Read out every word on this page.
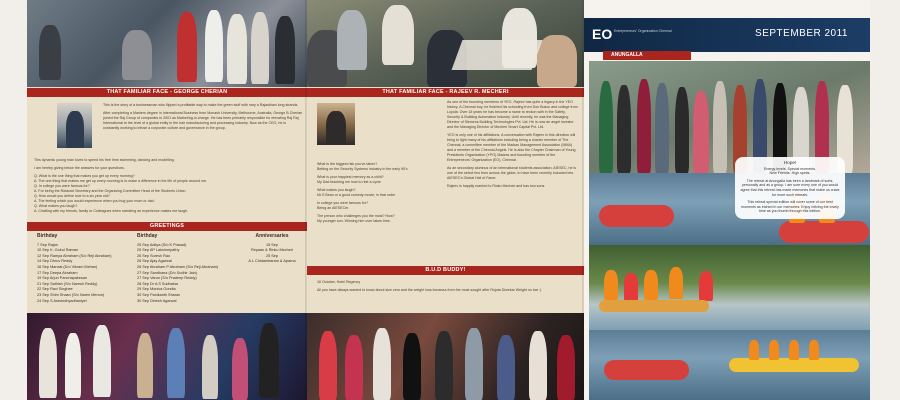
THAT FAMILIAR FACE - GEORGE CHERIAN

This is the story of a businessman who flipped a profitable way to make the green stuff with nary a Rajasthani long strands.

After completing a Masters degree in International Business from Monash University, Melbourne, Australia, George B.Cherian joined the Raj Group of companies in 2001 as Marketing-in-charge. He has been primarily responsible for elevating Raj Raj International to the level of a global entity in the hair manufacturing and processing industry. Now as the CEO, he is constantly working to infuse a corporate culture and governance in the group.

This dynamic young man loves to spend his free time swimming, dancing and modelling.

I am hereby giving below the answers for your questions.

Q. What is the one thing that makes you get up every morning?
A. The one thing that makes me get up every morning is to make a difference in the life of people around me.
Q. In college you were famous for?
A. For being the Rotaract Secretary and the Organising Committee Head of the Students Union.
Q. How would you define love to a six year old?
A. The feeling which you would experience when you hug your mom or dad.
Q. What makes you laugh?
A. Chatting with my friends, family or Colleagues when narrating an experience makes me laugh.
GREETINGS
Birthday
7 Sep Rajan
10 Sep K. Gokul Raman
12 Sep Ramya Abraham (S/o Reji Abraham)
14 Sep Dhruv Reddy
16 Sep Manasi (D/o Vikram Mehan)
17 Sep Deepa Abraham
19 Sep Arjun Panchapakesan
21 Sep Sathish (S/o Naresh Reddy)
22 Sep Ravi Singhee
23 Sep Shim Shaan (S/o Naren Menon)
24 Sep S Aravindhyadhaniyel
Birthday
25 Sep Aditya (S/o K Prasad)
25 Sep AP Lakshmipathy
26 Sep Suresh Rao
26 Sep Ajay Agarwal
26 Sep Abraham P Abraham (S/o Reji Abraham)
27 Sep Sandhana (D/o Sudhir Jain)
27 Sep Varun (S/o Pradeep Reddy)
28 Sep Dr A S Sudhakar
29 Sep Monica Gondia
30 Sep Panikanth Sharan
30 Sep Dinesh Agarwal
Anniversaries
15 Sep
Reyaan & Rinku Mecheri
25 Sep
A.L Chidambaram & Aparna
THAT FAMILIAR FACE - RAJEEV R. MECHERI
What is the biggest risk you've taken?
Betting on the Security Systems industry in the early 90's
What is your happiest memory as a child?
My Dad teaching me how to ride a cycle
What makes you laugh?
Mr.S Bean or a good comedy movie, in that order
In college you were famous for?
Being an AIESECer.
The person who challenges you the most? How?
My younger son. Winning him over takes time.

As one of the founding members of YEO, Rajeev has quite a legacy in the YEO history. A Chennai boy, he finished his schooling from Don Bosco and college from Loyola. Over 18 years he has become a name to reckon with in the Safety, Security & Building Automation Industry. Until recently, he was the Managing Director of Siemens Building Technologies Pvt. Ltd. He is now an angel investor and the Managing Director of Mecheri Smart Capital Pvt. Ltd.

YEO is only one of his affiliations. A conversation with Rajeev in this direction will bring to light many of his affiliations including being a charter member of The Chennai, a committee member of the Madras Management Association (MMA) and a member of the Chennai Angels. He is also the Chapter Chairman of Young Presidents Organization (YPO) Madras and founding member of the Entrepreneurs' Organization (EO), Chennai.

As an secondary alumnus of an international students association, AIESEC, he is one of the select few from across the globe, to have been recently inducted into AIESEC's Global Hall of Fame.

Rajeev is happily married to Rinku Mecheri and has two sons.

B.U.D BUDDY!

16 October, Hotel Regency

All you have always wanted to know about size zero and the weight loss bonanza from the most sought after Rujuta Diwekar Weight no bar :)

EO Entrepreneurs' Organization Chennai	SEPTEMBER 2011
ANUNGALLA
Hope!
Energy levels. Special moments.
New Friends. High spirits.
The retreat at Anungalla has been a landmark of sorts, personally and as a group. I am sure every one of you would agree that this retreat has made memories that make us crave for more such retreats.
This retreat special edition will cover some of our best moments as etched in our memories. Enjoy reliving the lovely time as you thumb through this edition.
